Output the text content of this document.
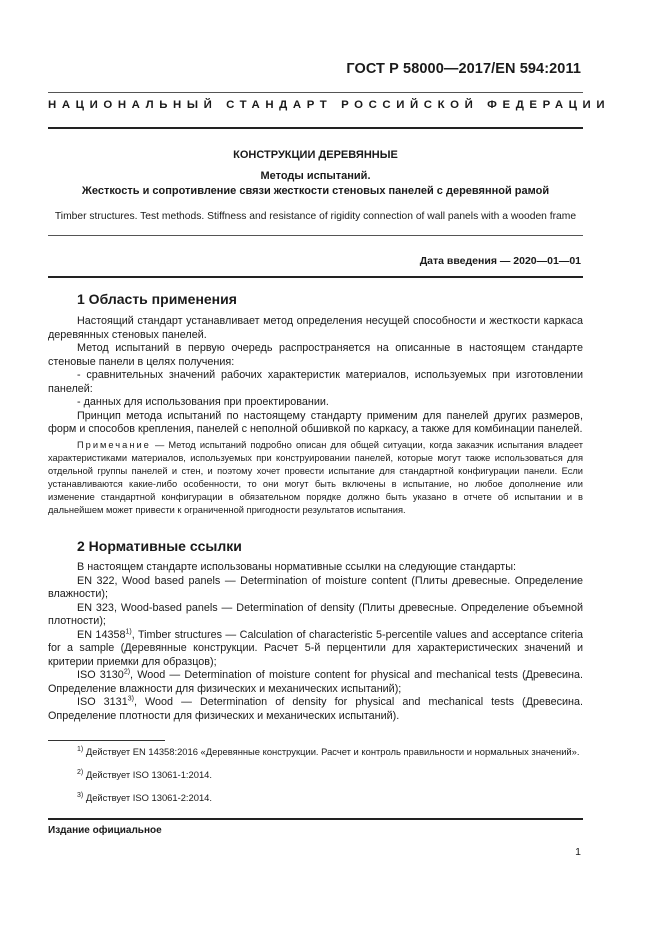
ГОСТ Р 58000—2017/EN 594:2011
НАЦИОНАЛЬНЫЙ СТАНДАРТ РОССИЙСКОЙ ФЕДЕРАЦИИ
КОНСТРУКЦИИ ДЕРЕВЯННЫЕ
Методы испытаний.
Жесткость и сопротивление связи жесткости стеновых панелей с деревянной рамой
Timber structures. Test methods. Stiffness and resistance of rigidity connection of wall panels with a wooden frame
Дата введения — 2020—01—01
1 Область применения

Настоящий стандарт устанавливает метод определения несущей способности и жесткости каркаса деревянных стеновых панелей.

Метод испытаний в первую очередь распространяется на описанные в настоящем стандарте стеновые панели в целях получения:

- сравнительных значений рабочих характеристик материалов, используемых при изготовлении панелей:

- данных для использования при проектировании.

Принцип метода испытаний по настоящему стандарту применим для панелей других размеров, форм и способов крепления, панелей с неполной обшивкой по каркасу, а также для комбинации панелей.

Примечание — Метод испытаний подробно описан для общей ситуации, когда заказчик испытания владеет характеристиками материалов, используемых при конструировании панелей, которые могут также использоваться для отдельной группы панелей и стен, и поэтому хочет провести испытание для стандартной конфигурации панели. Если устанавливаются какие-либо особенности, то они могут быть включены в испытание, но любое дополнение или изменение стандартной конфигурации в обязательном порядке должно быть указано в отчете об испытании и в дальнейшем может привести к ограниченной пригодности результатов испытания.
2 Нормативные ссылки

В настоящем стандарте использованы нормативные ссылки на следующие стандарты:

EN 322, Wood based panels — Determination of moisture content (Плиты древесные. Определение влажности);

EN 323, Wood-based panels — Determination of density (Плиты древесные. Определение объемной плотности);

EN 14358$^{1)}$, Timber structures — Calculation of characteristic 5-percentile values and acceptance criteria for a sample (Деревянные конструкции. Расчет 5-й перцентили для характеристических значений и критерии приемки для образцов);

ISO 3130$^{2)}$, Wood — Determination of moisture content for physical and mechanical tests (Древесина. Определение влажности для физических и механических испытаний);

ISO 3131$^{3)}$, Wood — Determination of density for physical and mechanical tests (Древесина. Определение плотности для физических и механических испытаний).

$^{1)}$ Действует EN 14358:2016 «Деревянные конструкции. Расчет и контроль правильности и нормальных значений».

$^{2)}$ Действует ISO 13061-1:2014.

$^{3)}$ Действует ISO 13061-2:2014.

Издание официальное
1
